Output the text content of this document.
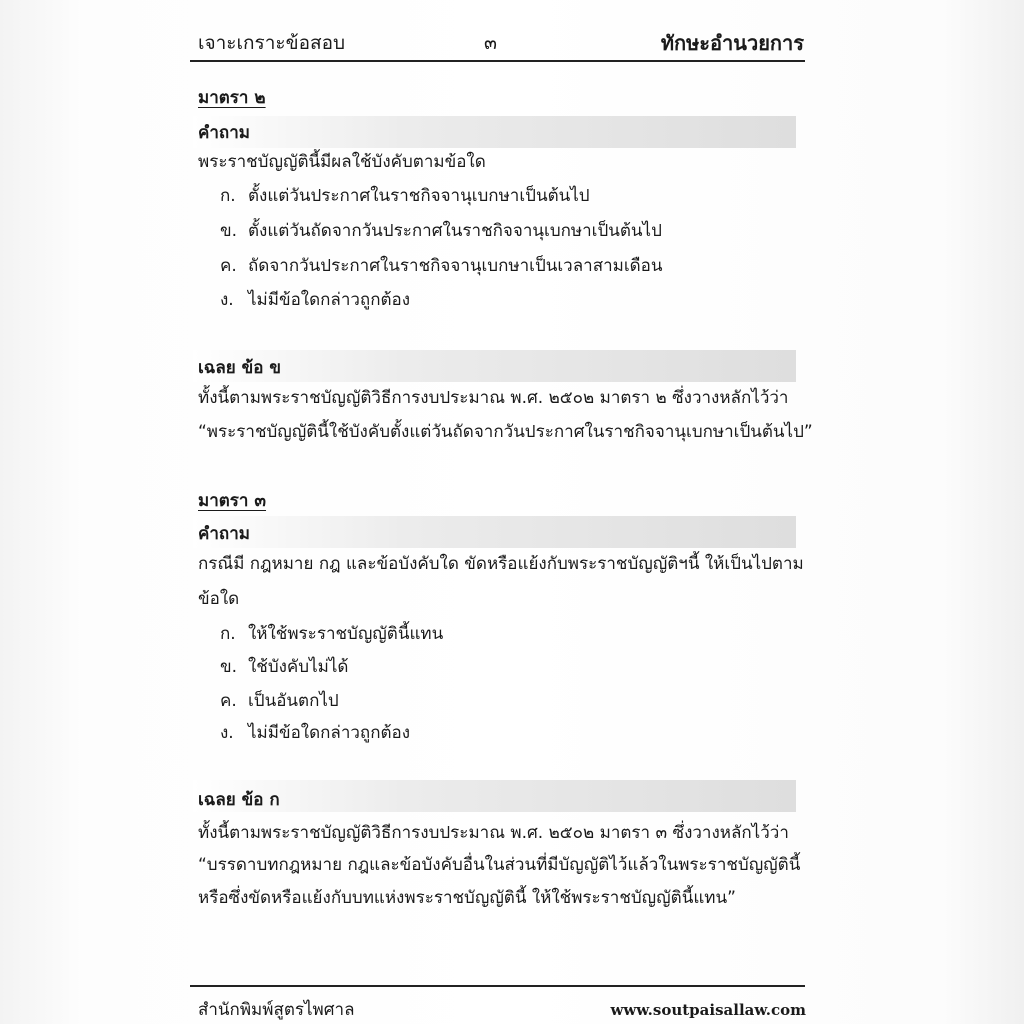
เจาะเกราะข้อสอบ	๓	ทักษะอำนวยการ
มาตรา ๒
คำถาม
พระราชบัญญัตินี้มีผลใช้บังคับตามข้อใด
ก. ตั้งแต่วันประกาศในราชกิจจานุเบกษาเป็นต้นไป
ข. ตั้งแต่วันถัดจากวันประกาศในราชกิจจานุเบกษาเป็นต้นไป
ค. ถัดจากวันประกาศในราชกิจจานุเบกษาเป็นเวลาสามเดือน
ง. ไม่มีข้อใดกล่าวถูกต้อง
เฉลย ข้อ ข
ทั้งนี้ตามพระราชบัญญัติวิธีการงบประมาณ พ.ศ. ๒๕๐๒ มาตรา ๒ ซึ่งวางหลักไว้ว่า
“พระราชบัญญัตินี้ใช้บังคับตั้งแต่วันถัดจากวันประกาศในราชกิจจานุเบกษาเป็นต้นไป”
มาตรา ๓
คำถาม
กรณีมี กฎหมาย กฎ และข้อบังคับใด ขัดหรือแย้งกับพระราชบัญญัติฯนี้ ให้เป็นไปตาม
ข้อใด
ก. ให้ใช้พระราชบัญญัตินี้แทน
ข. ใช้บังคับไม่ได้
ค. เป็นอันตกไป
ง. ไม่มีข้อใดกล่าวถูกต้อง
เฉลย ข้อ ก
ทั้งนี้ตามพระราชบัญญัติวิธีการงบประมาณ พ.ศ. ๒๕๐๒ มาตรา ๓ ซึ่งวางหลักไว้ว่า
“บรรดาบทกฎหมาย กฎและข้อบังคับอื่นในส่วนที่มีบัญญัติไว้แล้วในพระราชบัญญัตินี้
หรือซึ่งขัดหรือแย้งกับบทแห่งพระราชบัญญัตินี้ ให้ใช้พระราชบัญญัตินี้แทน”
สำนักพิมพ์สูตรไพศาล	www.soutpaisallaw.com
